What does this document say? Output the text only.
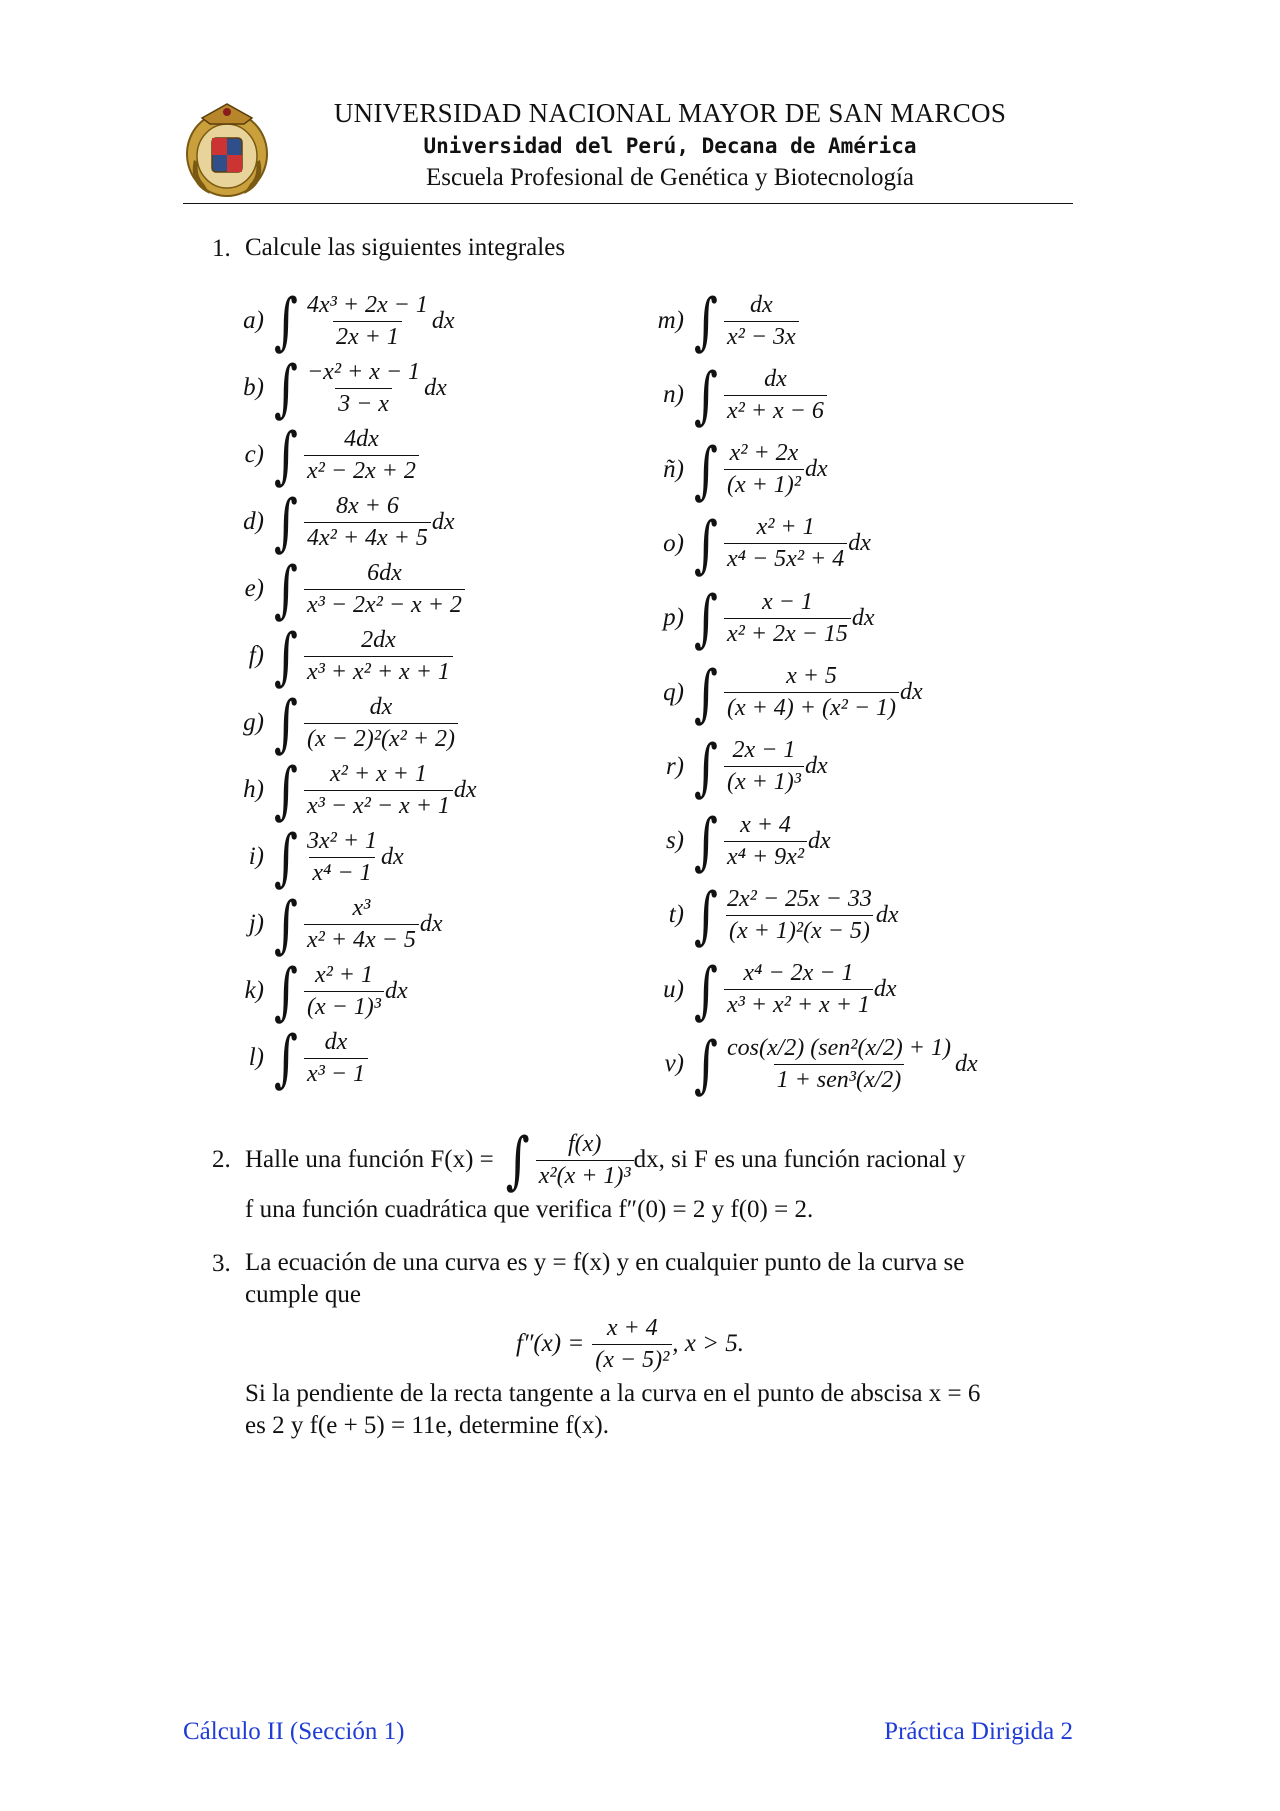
UNIVERSIDAD NACIONAL MAYOR DE SAN MARCOS
Universidad del Perú, Decana de América
Escuela Profesional de Genética y Biotecnología
1. Calcule las siguientes integrales
a) ∫ $\frac{\text{4x³ + 2x − 1}}{2x + 1}$ dx
b) ∫ $\frac{\text{−x² + x − 1}}{3 - x}$ dx
c) ∫ $\frac{4dx}{\text{x² − 2x + 2}}$
d) ∫ $\frac{8x + 6}{\text{4x² + 4x + 5}}$ dx
e) ∫ $\frac{6dx}{\text{x³ − 2x² − x + 2}}$
f) ∫ $\frac{2dx}{\text{x³ + x² + x + 1}}$
g) ∫ $\frac{dx}{\text{(x − 2)²(x² + 2)}}$
h) ∫ $\frac{\text{x² + x + 1}}{\text{x³ − x² − x + 1}}$ dx
i) ∫ $\frac{\text{3x² + 1}}{\text{x⁴ − 1}}$ dx
j) ∫ $\frac{\text{x³}}{\text{x² + 4x − 5}}$ dx
k) ∫ $\frac{\text{x² + 1}}{\text{(x − 1)³}}$ dx
l) ∫ $\frac{dx}{\text{x³ − 1}}$
m) ∫ $\frac{dx}{\text{x² − 3x}}$
n) ∫ $\frac{dx}{\text{x² + x − 6}}$
ñ) ∫ $\frac{\text{x² + 2x}}{\text{(x + 1)²}}$ dx
o) ∫ $\frac{\text{x² + 1}}{\text{x⁴ − 5x² + 4}}$ dx
p) ∫ $\frac{x - 1}{\text{x² + 2x − 15}}$ dx
q) ∫ $\frac{x + 5}{\text{(x + 4) + (x² − 1)}}$ dx
r) ∫ $\frac{2x - 1}{\text{(x + 1)³}}$ dx
s) ∫ $\frac{x + 4}{\text{x⁴ + 9x²}}$ dx
t) ∫ $\frac{\text{2x² − 25x − 33}}{\text{(x + 1)²(x − 5)}}$ dx
u) ∫ $\frac{\text{x⁴ − 2x − 1}}{\text{x³ + x² + x + 1}}$ dx
v) ∫ $\frac{\text{cos(x/2) (sen²(x/2) + 1)}}{\text{1 + sen³(x/2)}}$ dx
2. Halle una función F(x) = ∫ $\frac{f(x)}{\text{x²(x + 1)³}}$ dx, si F es una función racional y
f una función cuadrática que verifica f″(0) = 2 y f(0) = 2.
3. La ecuación de una curva es y = f(x) y en cualquier punto de la curva se
cumple que
$f''(x) = \frac{x + 4}{\text{(x − 5)²}}$ , x > 5.
Si la pendiente de la recta tangente a la curva en el punto de abscisa x = 6
es 2 y f(e + 5) = 11e, determine f(x).
Cálculo II (Sección 1)	Práctica Dirigida 2
